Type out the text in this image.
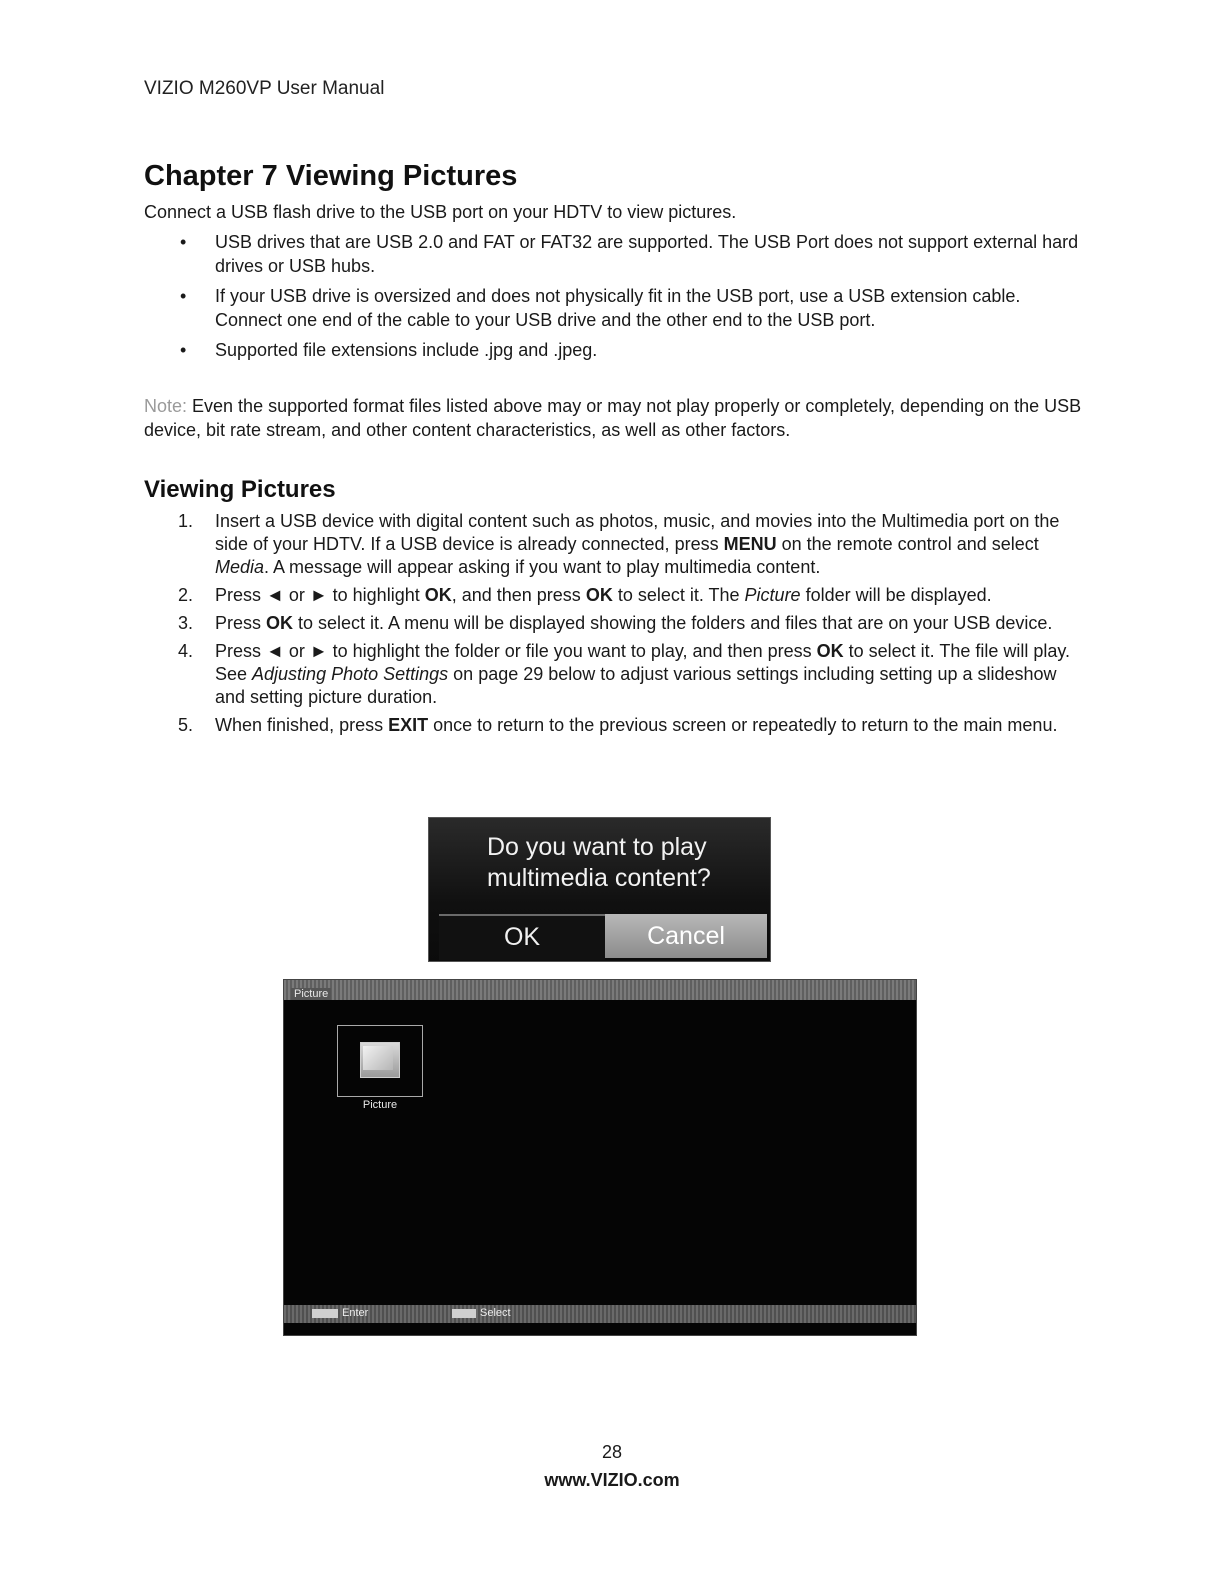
VIZIO M260VP User Manual
Chapter 7 Viewing Pictures
Connect a USB flash drive to the USB port on your HDTV to view pictures.
• USB drives that are USB 2.0 and FAT or FAT32 are supported. The USB Port does not support external hard drives or USB hubs.
• If your USB drive is oversized and does not physically fit in the USB port, use a USB extension cable. Connect one end of the cable to your USB drive and the other end to the USB port.
• Supported file extensions include .jpg and .jpeg.
Note: Even the supported format files listed above may or may not play properly or completely, depending on the USB device, bit rate stream, and other content characteristics, as well as other factors.
Viewing Pictures
1. Insert a USB device with digital content such as photos, music, and movies into the Multimedia port on the side of your HDTV. If a USB device is already connected, press MENU on the remote control and select Media. A message will appear asking if you want to play multimedia content.
2. Press ◄ or ► to highlight OK, and then press OK to select it. The Picture folder will be displayed.
3. Press OK to select it. A menu will be displayed showing the folders and files that are on your USB device.
4. Press ◄ or ► to highlight the folder or file you want to play, and then press OK to select it. The file will play. See Adjusting Photo Settings on page 29 below to adjust various settings including setting up a slideshow and setting picture duration.
5. When finished, press EXIT once to return to the previous screen or repeatedly to return to the main menu.
Do you want to play
multimedia content?
OK	Cancel
Picture
Picture
Enter	Select
28
www.VIZIO.com
